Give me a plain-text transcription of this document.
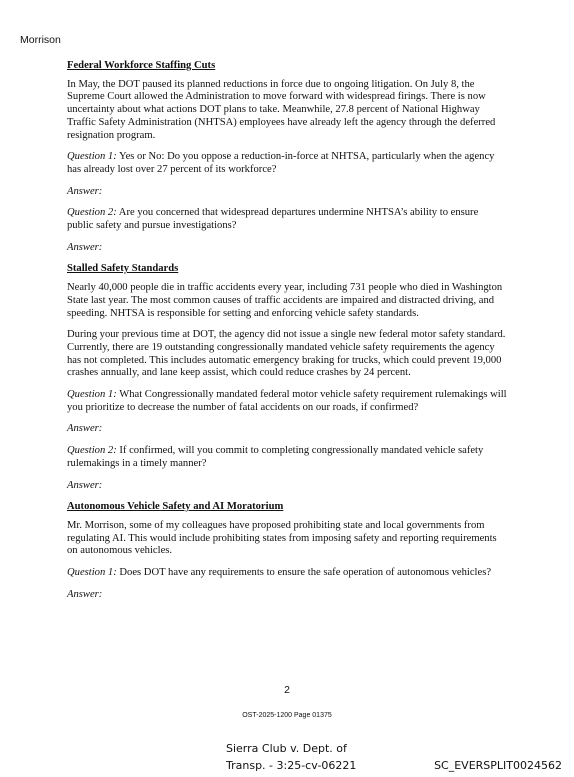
Morrison
Federal Workforce Staffing Cuts

In May, the DOT paused its planned reductions in force due to ongoing litigation. On July 8, the Supreme Court allowed the Administration to move forward with widespread firings. There is now uncertainty about what actions DOT plans to take. Meanwhile, 27.8 percent of National Highway Traffic Safety Administration (NHTSA) employees have already left the agency through the deferred resignation program.

Question 1: Yes or No: Do you oppose a reduction-in-force at NHTSA, particularly when the agency has already lost over 27 percent of its workforce?

Answer:

Question 2: Are you concerned that widespread departures undermine NHTSA’s ability to ensure public safety and pursue investigations?

Answer:
Stalled Safety Standards

Nearly 40,000 people die in traffic accidents every year, including 731 people who died in Washington State last year. The most common causes of traffic accidents are impaired and distracted driving, and speeding. NHTSA is responsible for setting and enforcing vehicle safety standards.

During your previous time at DOT, the agency did not issue a single new federal motor safety standard. Currently, there are 19 outstanding congressionally mandated vehicle safety requirements the agency has not completed. This includes automatic emergency braking for trucks, which could prevent 19,000 crashes annually, and lane keep assist, which could reduce crashes by 24 percent.

Question 1: What Congressionally mandated federal motor vehicle safety requirement rulemakings will you prioritize to decrease the number of fatal accidents on our roads, if confirmed?

Answer:

Question 2: If confirmed, will you commit to completing congressionally mandated vehicle safety rulemakings in a timely manner?

Answer:
Autonomous Vehicle Safety and AI Moratorium

Mr. Morrison, some of my colleagues have proposed prohibiting state and local governments from regulating AI. This would include prohibiting states from imposing safety and reporting requirements on autonomous vehicles.

Question 1: Does DOT have any requirements to ensure the safe operation of autonomous vehicles?

Answer:
2
OST-2025-1200 Page 01375
Sierra Club v. Dept. of
Transp. - 3:25-cv-06221	SC_EVERSPLIT0024562
